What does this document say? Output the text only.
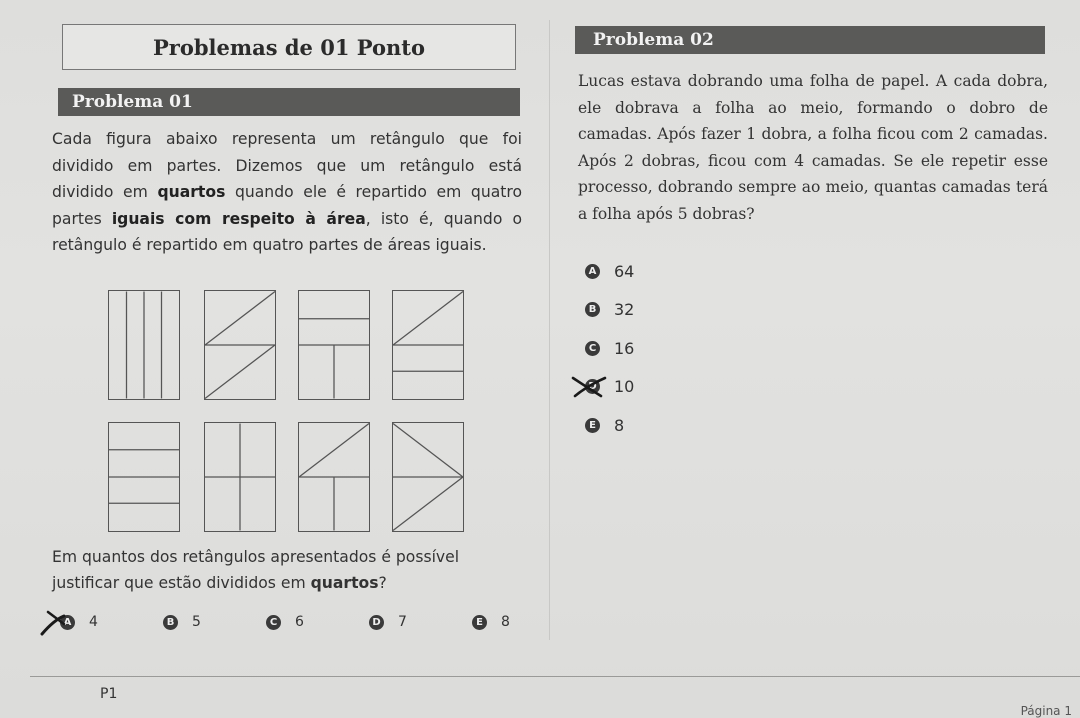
Problemas de 01 Ponto
Problema 01
Problema 02
Cada figura abaixo representa um retângulo que foi dividido em partes. Dizemos que um retângulo está dividido em quartos quando ele é repartido em quatro partes iguais com respeito à área, isto é, quando o retângulo é repartido em quatro partes de áreas iguais.
Em quantos dos retângulos apresentados é possível justificar que estão divididos em quartos?
A 4	B 5	C 6	D 7	E 8
Lucas estava dobrando uma folha de papel. A cada dobra, ele dobrava a folha ao meio, formando o dobro de camadas. Após fazer 1 dobra, a folha ficou com 2 camadas. Após 2 dobras, ficou com 4 camadas. Se ele repetir esse processo, dobrando sempre ao meio, quantas camadas terá a folha após 5 dobras?
A 64
B 32
C 16
D 10
E 8
P1
Página 1
